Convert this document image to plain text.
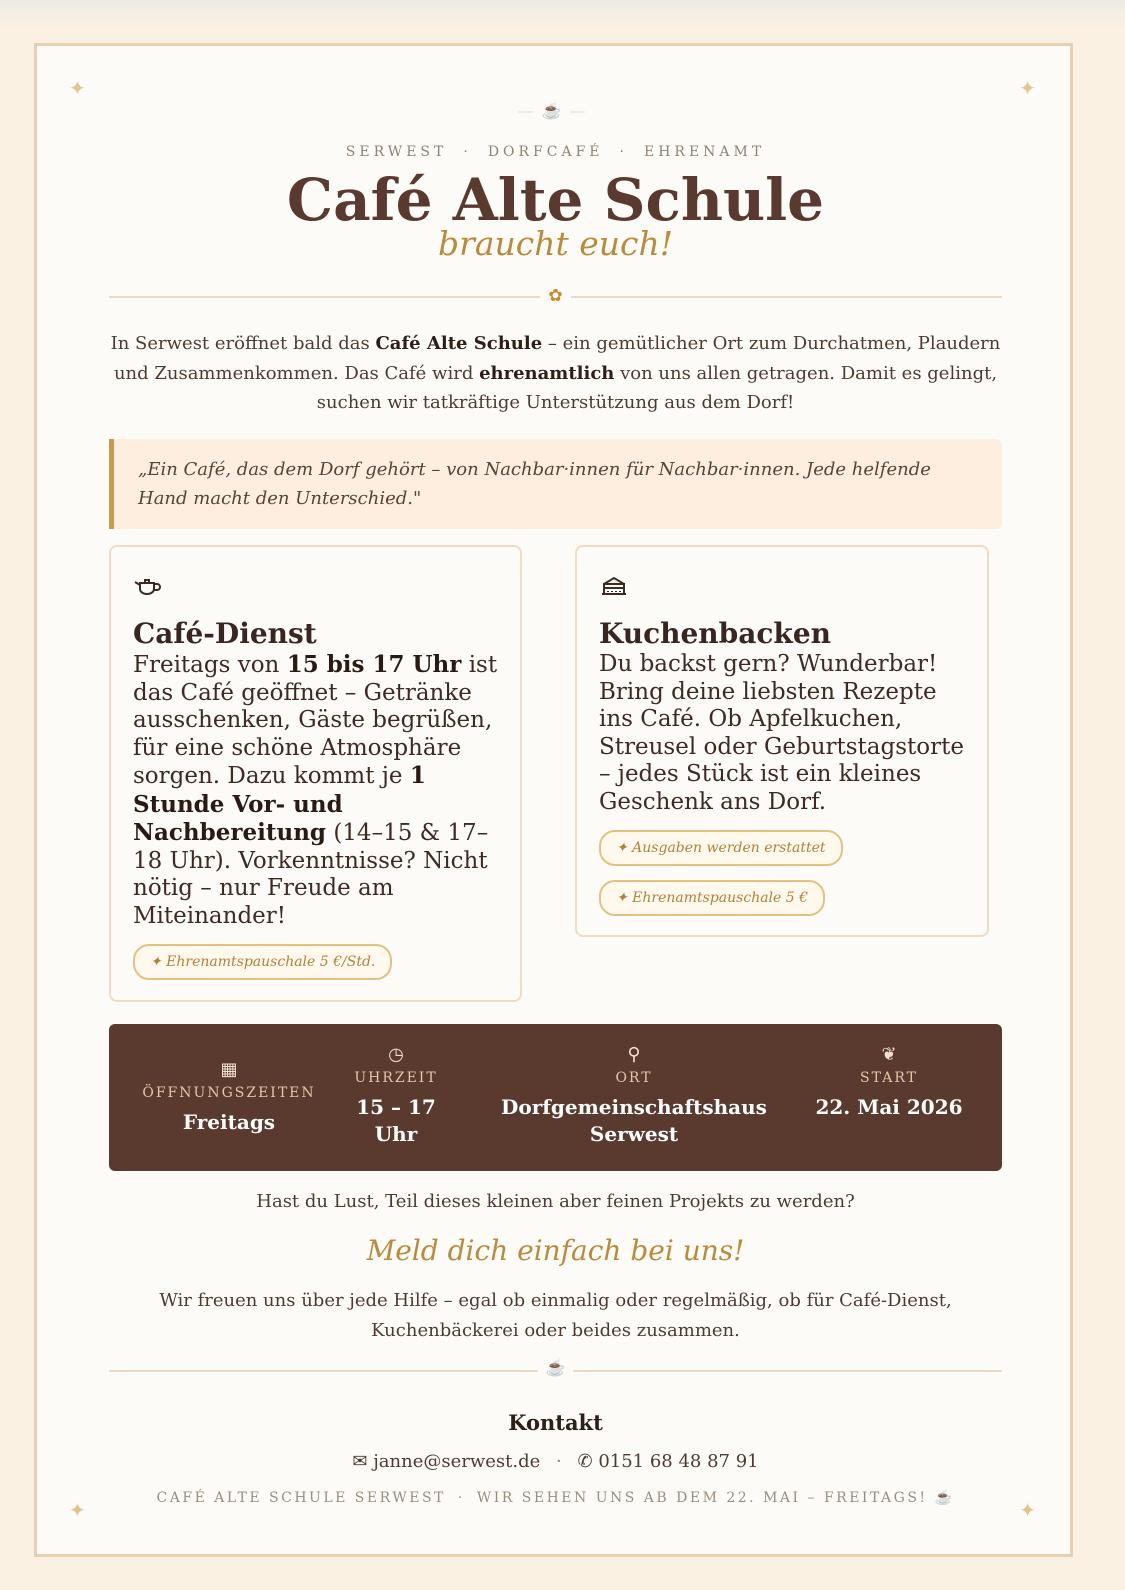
✦	✦
✦	✦
—☕—
SERWEST · DORFCAFÉ · EHRENAMT
Café Alte Schule
braucht euch!
✿

In Serwest eröffnet bald das Café Alte Schule – ein gemütlicher Ort zum Durchatmen, Plaudern und Zusammenkommen. Das Café wird ehrenamtlich von uns allen getragen. Damit es gelingt, suchen wir tatkräftige Unterstützung aus dem Dorf!

„Ein Café, das dem Dorf gehört – von Nachbar·innen für Nachbar·innen. Jede helfende Hand macht den Unterschied."
Café-Dienst

Freitags von 15 bis 17 Uhr ist das Café geöffnet – Getränke ausschenken, Gäste begrüßen, für eine schöne Atmosphäre sorgen. Dazu kommt je 1 Stunde Vor- und Nachbereitung (14–15 & 17–18 Uhr). Vorkenntnisse? Nicht nötig – nur Freude am Miteinander!

✦ Ehrenamtspauschale 5 €/Std.
Kuchenbacken

Du backst gern? Wunderbar! Bring deine liebsten Rezepte ins Café. Ob Apfelkuchen, Streusel oder Geburtstagstorte – jedes Stück ist ein kleines Geschenk ans Dorf.

✦ Ausgaben werden erstattet
✦ Ehrenamtspauschale 5 €
▦
ÖFFNUNGSZEITEN
Freitags
◷
UHRZEIT
15 – 17 Uhr
⚲
ORT
Dorfgemeinschaftshaus Serwest
❦
START
22. Mai 2026

Hast du Lust, Teil dieses kleinen aber feinen Projekts zu werden?

Meld dich einfach bei uns!

Wir freuen uns über jede Hilfe – egal ob einmalig oder regelmäßig, ob für Café-Dienst, Kuchenbäckerei oder beides zusammen.

☕
Kontakt
✉ janne@serwest.de · ✆ 0151 68 48 87 91
CAFÉ ALTE SCHULE SERWEST · WIR SEHEN UNS AB DEM 22. MAI – FREITAGS! ☕
